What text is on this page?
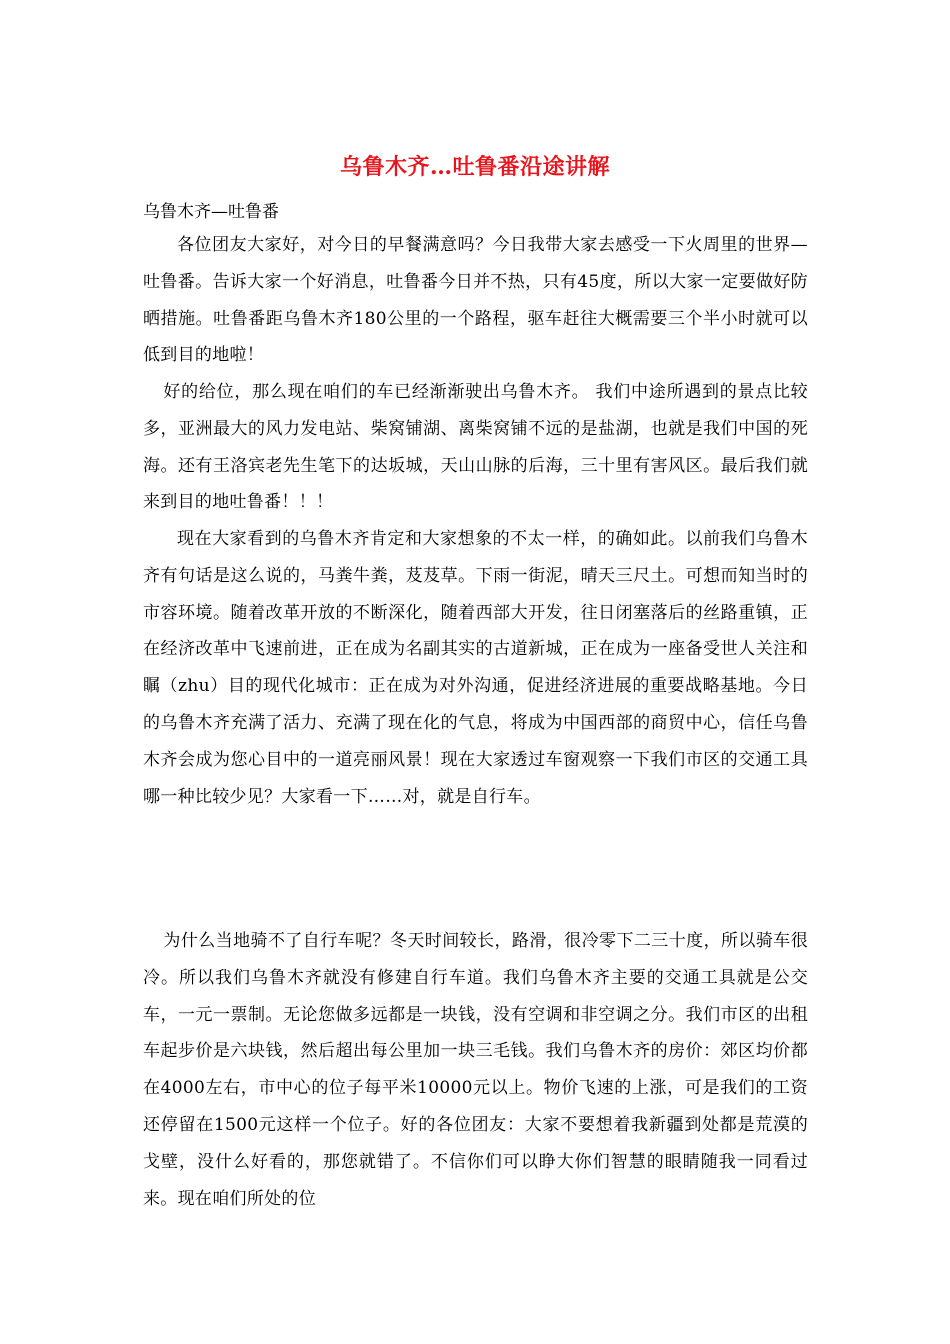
乌鲁木齐…吐鲁番沿途讲解
乌鲁木齐—吐鲁番
各位团友大家好，对今日的早餐满意吗？今日我带大家去感受一下火周里的世界—吐鲁番。告诉大家一个好消息，吐鲁番今日并不热，只有45度，所以大家一定要做好防晒措施。吐鲁番距乌鲁木齐180公里的一个路程，驱车赶往大概需要三个半小时就可以低到目的地啦！
好的给位，那么现在咱们的车已经渐渐驶出乌鲁木齐。 我们中途所遇到的景点比较多，亚洲最大的风力发电站、柴窝铺湖、离柴窝铺不远的是盐湖，也就是我们中国的死海。还有王洛宾老先生笔下的达坂城，天山山脉的后海，三十里有害风区。最后我们就来到目的地吐鲁番！！！
现在大家看到的乌鲁木齐肯定和大家想象的不太一样，的确如此。以前我们乌鲁木齐有句话是这么说的，马粪牛粪，芨芨草。下雨一街泥，晴天三尺土。可想而知当时的市容环境。随着改革开放的不断深化，随着西部大开发，往日闭塞落后的丝路重镇，正在经济改革中飞速前进，正在成为名副其实的古道新城，正在成为一座备受世人关注和瞩（zhu）目的现代化城市：正在成为对外沟通，促进经济进展的重要战略基地。今日的乌鲁木齐充满了活力、充满了现在化的气息，将成为中国西部的商贸中心，信任乌鲁木齐会成为您心目中的一道亮丽风景！现在大家透过车窗观察一下我们市区的交通工具哪一种比较少见？大家看一下……对，就是自行车。
为什么当地骑不了自行车呢？冬天时间较长，路滑，很冷零下二三十度，所以骑车很冷。所以我们乌鲁木齐就没有修建自行车道。我们乌鲁木齐主要的交通工具就是公交车，一元一票制。无论您做多远都是一块钱，没有空调和非空调之分。我们市区的出租车起步价是六块钱，然后超出每公里加一块三毛钱。我们乌鲁木齐的房价：郊区均价都在4000左右，市中心的位子每平米10000元以上。物价飞速的上涨，可是我们的工资还停留在1500元这样一个位子。好的各位团友：大家不要想着我新疆到处都是荒漠的戈壁，没什么好看的，那您就错了。不信你们可以睁大你们智慧的眼睛随我一同看过来。现在咱们所处的位
